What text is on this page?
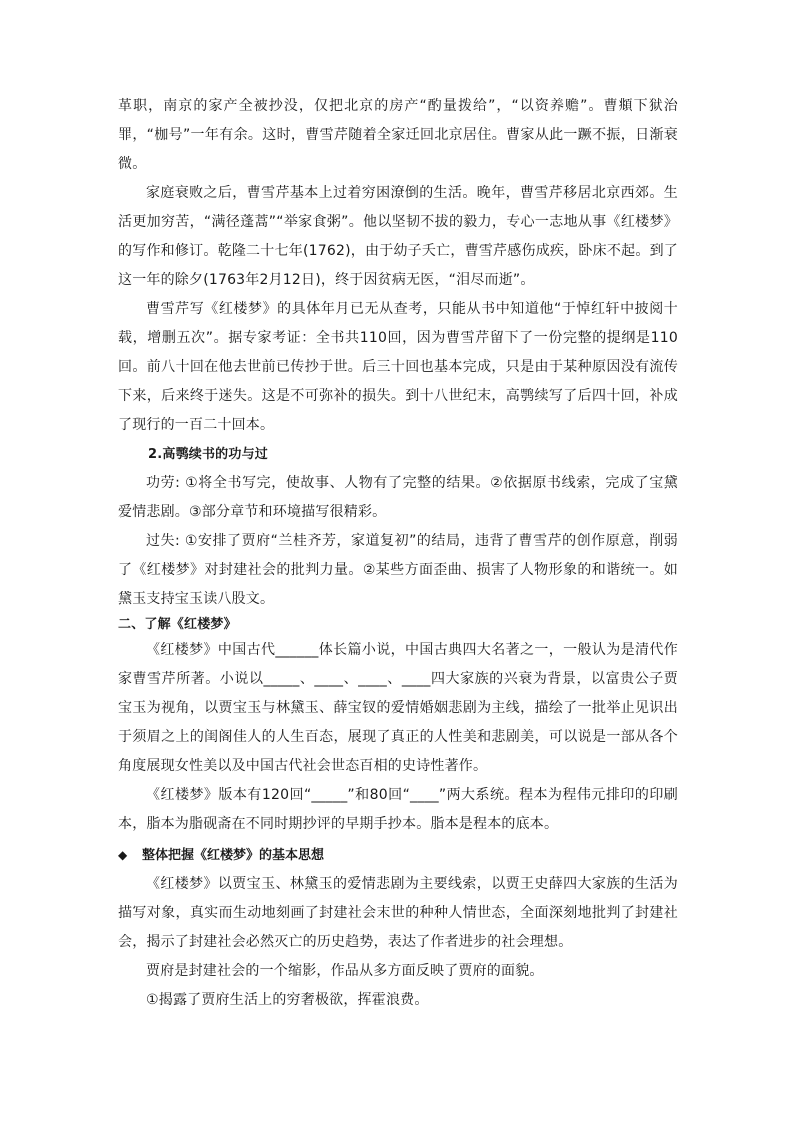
革职，南京的家产全被抄没，仅把北京的房产“酌量拨给”，“以资养赡”。曹頫下狱治罪，“枷号”一年有余。这时，曹雪芹随着全家迁回北京居住。曹家从此一蹶不振，日渐衰微。

家庭衰败之后，曹雪芹基本上过着穷困潦倒的生活。晚年，曹雪芹移居北京西郊。生活更加穷苦，“满径蓬蒿”“举家食粥”。他以坚韧不拔的毅力，专心一志地从事《红楼梦》的写作和修订。乾隆二十七年(1762)，由于幼子夭亡，曹雪芹感伤成疾，卧床不起。到了这一年的除夕(1763年2月12日)，终于因贫病无医，“泪尽而逝”。

曹雪芹写《红楼梦》的具体年月已无从查考，只能从书中知道他“于悼红轩中披阅十载，增删五次”。据专家考证：全书共110回，因为曹雪芹留下了一份完整的提纲是110回。前八十回在他去世前已传抄于世。后三十回也基本完成，只是由于某种原因没有流传下来，后来终于迷失。这是不可弥补的损失。到十八世纪末，高鹗续写了后四十回，补成了现行的一百二十回本。

2.高鹗续书的功与过

功劳: ①将全书写完，使故事、人物有了完整的结果。②依据原书线索，完成了宝黛爱情悲剧。③部分章节和环境描写很精彩。

过失: ①安排了贾府“兰桂齐芳，家道复初”的结局，违背了曹雪芹的创作原意，削弱了《红楼梦》对封建社会的批判力量。②某些方面歪曲、损害了人物形象的和谐统一。如黛玉支持宝玉读八股文。

二、了解《红楼梦》

《红楼梦》中国古代______体长篇小说，中国古典四大名著之一，一般认为是清代作家曹雪芹所著。小说以_____、____、____、____四大家族的兴衰为背景，以富贵公子贾宝玉为视角，以贾宝玉与林黛玉、薛宝钗的爱情婚姻悲剧为主线，描绘了一批举止见识出于须眉之上的闺阁佳人的人生百态，展现了真正的人性美和悲剧美，可以说是一部从各个角度展现女性美以及中国古代社会世态百相的史诗性著作。

《红楼梦》版本有120回“_____”和80回“____”两大系统。程本为程伟元排印的印刷本，脂本为脂砚斋在不同时期抄评的早期手抄本。脂本是程本的底本。

◆	整体把握《红楼梦》的基本思想

《红楼梦》以贾宝玉、林黛玉的爱情悲剧为主要线索，以贾王史薛四大家族的生活为描写对象，真实而生动地刻画了封建社会末世的种种人情世态，全面深刻地批判了封建社会，揭示了封建社会必然灭亡的历史趋势，表达了作者进步的社会理想。

贾府是封建社会的一个缩影，作品从多方面反映了贾府的面貌。

①揭露了贾府生活上的穷奢极欲，挥霍浪费。
